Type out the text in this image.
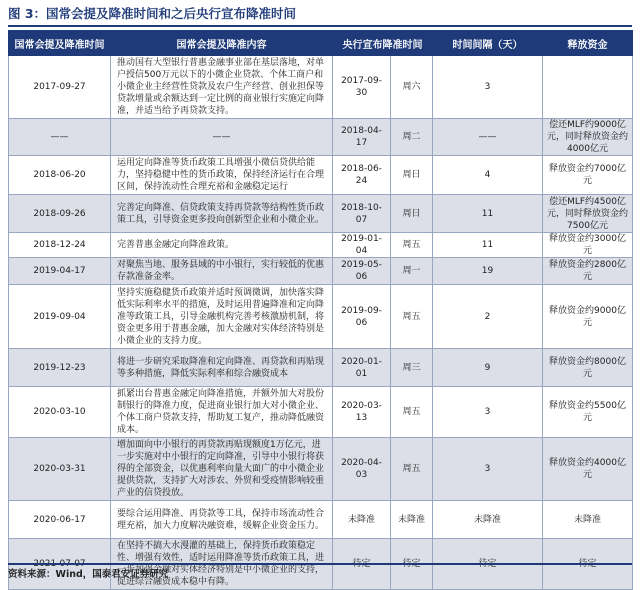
图 3：国常会提及降准时间和之后央行宣布降准时间
国常会提及降准时间	国常会提及降准内容	央行宣布降准时间		时间间隔（天）	释放资金
2017-09-27	推动国有大型银行普惠金融事业部在基层落地，对单户授信500万元以下的小微企业贷款、个体工商户和小微企业主经营性贷款及农户生产经营、创业担保等贷款增量或余额达到一定比例的商业银行实施定向降准，并适当给予再贷款支持。	2017-09-30	周六	3	
——	——	2018-04-17	周二	——	偿还MLF约9000亿元，同时释放资金约4000亿元
2018-06-20	运用定向降准等货币政策工具增强小微信贷供给能力，坚持稳健中性的货币政策，保持经济运行在合理区间，保持流动性合理充裕和金融稳定运行	2018-06-24	周日	4	释放资金约7000亿元
2018-09-26	完善定向降准、信贷政策支持再贷款等结构性货币政策工具，引导资金更多投向创新型企业和小微企业。	2018-10-07	周日	11	偿还MLF约4500亿元，同时释放资金约7500亿元
2018-12-24	完善普惠金融定向降准政策。	2019-01-04	周五	11	释放资金约3000亿元
2019-04-17	对聚焦当地、服务县域的中小银行，实行较低的优惠存款准备金率。	2019-05-06	周一	19	释放资金约2800亿元
2019-09-04	坚持实施稳健货币政策并适时预调微调，加快落实降低实际利率水平的措施，及时运用普遍降准和定向降准等政策工具，引导金融机构完善考核激励机制，将资金更多用于普惠金融，加大金融对实体经济特别是小微企业的支持力度。	2019-09-06	周五	2	释放资金约9000亿元
2019-12-23	将进一步研究采取降准和定向降准、再贷款和再贴现等多种措施，降低实际利率和综合融资成本	2020-01-01	周三	9	释放资金约8000亿元
2020-03-10	抓紧出台普惠金融定向降准措施，并额外加大对股份制银行的降准力度，促进商业银行加大对小微企业、个体工商户贷款支持，帮助复工复产，推动降低融资成本。	2020-03-13	周五	3	释放资金约5500亿元
2020-03-31	增加面向中小银行的再贷款再贴现额度1万亿元，进一步实施对中小银行的定向降准，引导中小银行将获得的全部资金，以优惠利率向量大面广的中小微企业提供贷款，支持扩大对涉农、外贸和受疫情影响较重产业的信贷投放。	2020-04-03	周五	3	释放资金约4000亿元
2020-06-17	要综合运用降准、再贷款等工具，保持市场流动性合理充裕，加大力度解决融资难，缓解企业资金压力。	未降准	未降准	未降准	未降准
2021-07-07	在坚持不搞大水漫灌的基础上，保持货币政策稳定性、增强有效性，适时运用降准等货币政策工具，进一步加强金融对实体经济特别是中小微企业的支持，促进综合融资成本稳中有降。	待定	待定	待定	待定
资料来源：Wind，国泰君安证券研究
